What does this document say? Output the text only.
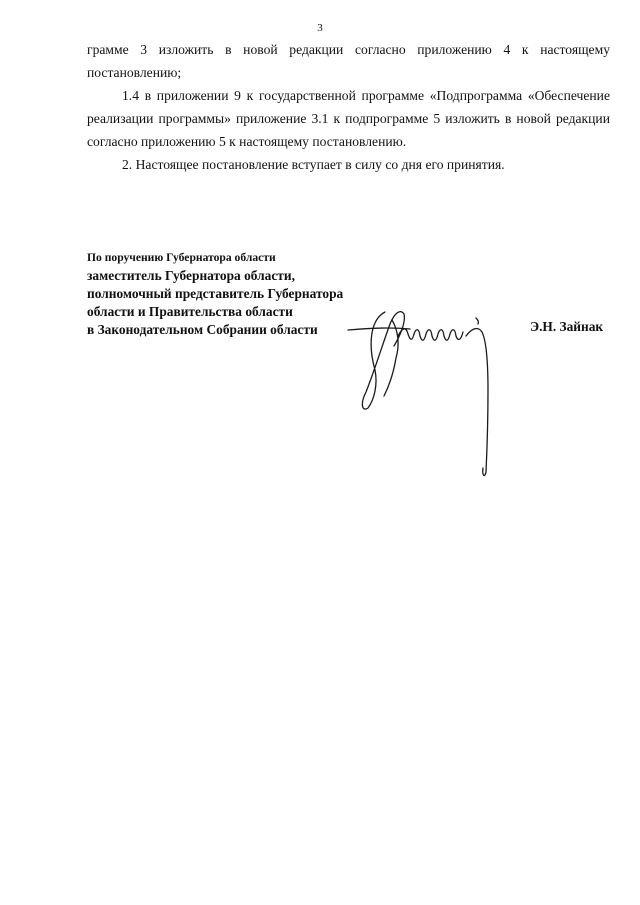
3

грамме 3 изложить в новой редакции согласно приложению 4 к настоящему постановлению;

1.4 в приложении 9 к государственной программе «Подпрограмма «Обеспечение реализации программы» приложение 3.1 к подпрограмме 5 изложить в новой редакции согласно приложению 5 к настоящему постановлению.

2. Настоящее постановление вступает в силу со дня его принятия.

По поручению Губернатора области
заместитель Губернатора области,
полномочный представитель Губернатора
области и Правительства области
в Законодательном Собрании области	Э.Н. Зайнак
